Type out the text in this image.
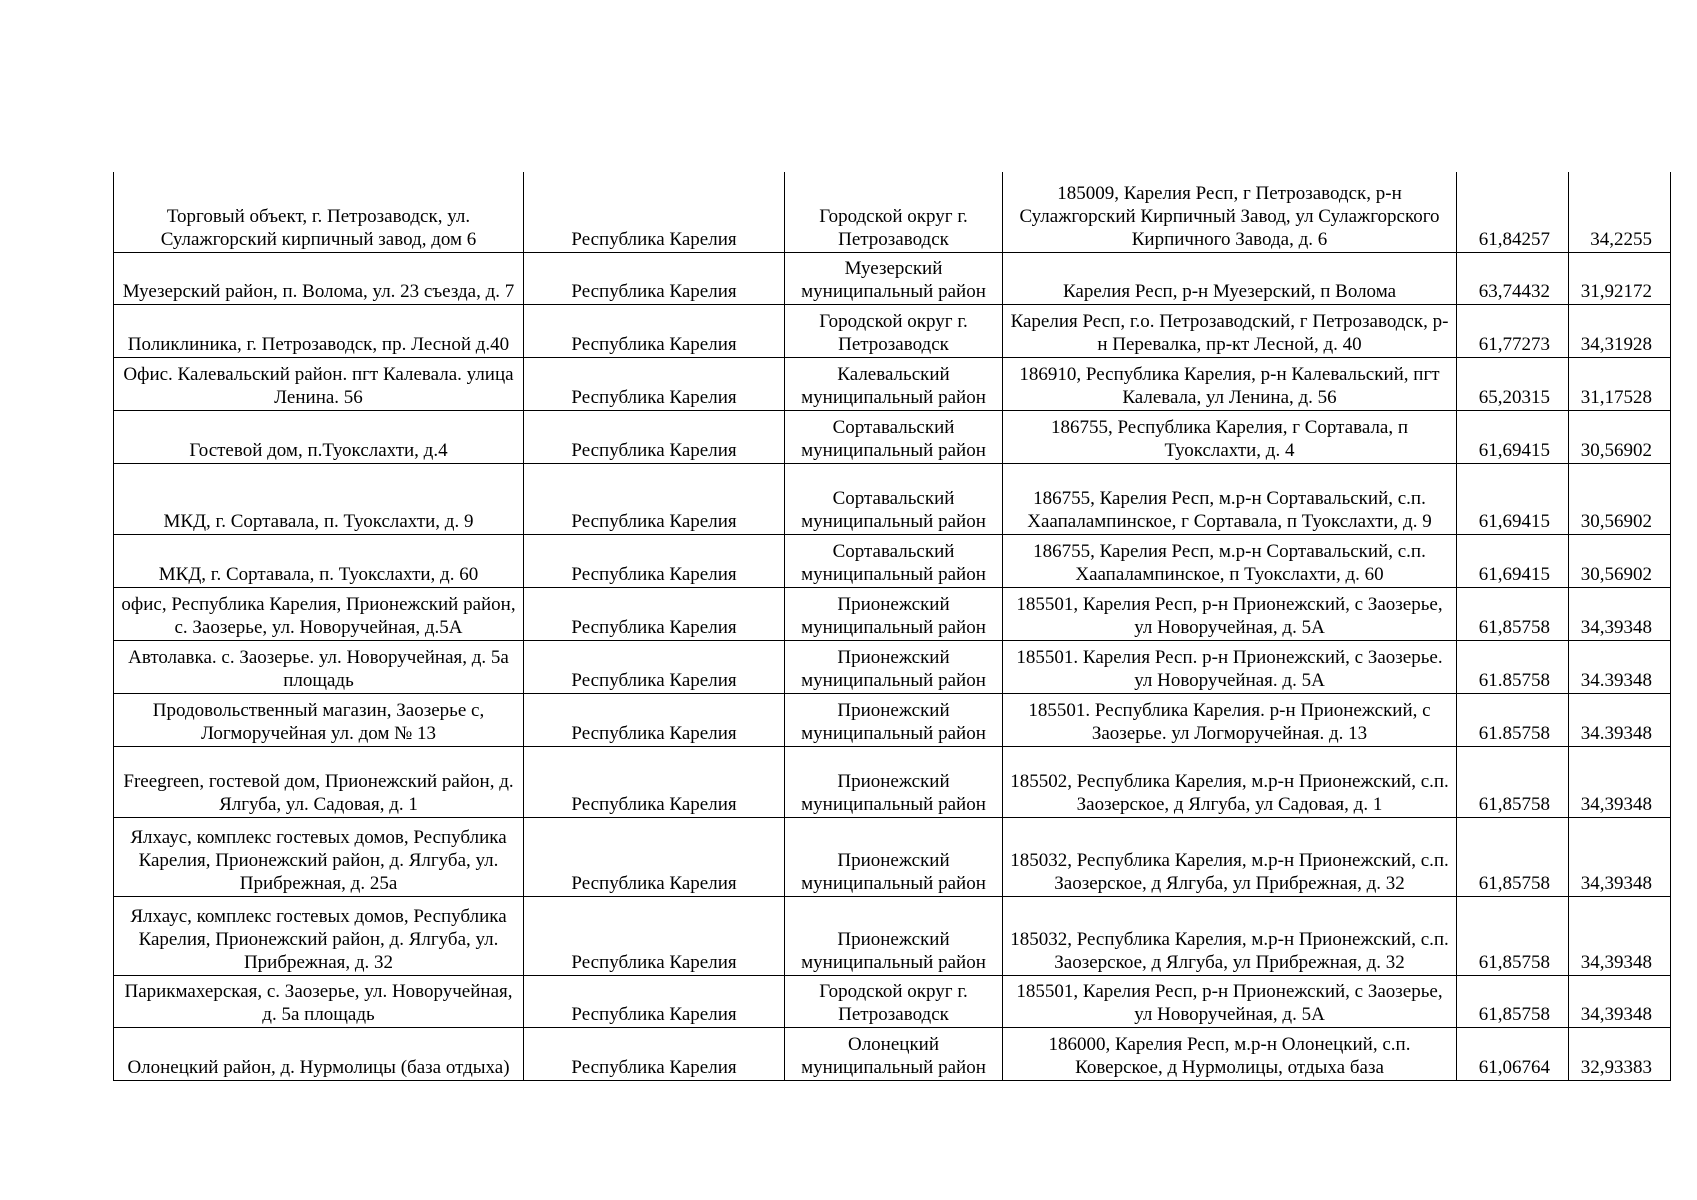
Торговый объект, г. Петрозаводск, ул. Сулажгорский кирпичный завод, дом 6	Республика Карелия	Городской округ г. Петрозаводск	185009, Карелия Респ, г Петрозаводск, р-н Сулажгорский Кирпичный Завод, ул Сулажгорского Кирпичного Завода, д. 6	61,84257	34,2255
Муезерский район, п. Волома, ул. 23 съезда, д. 7	Республика Карелия	Муезерский муниципальный район	Карелия Респ, р-н Муезерский, п Волома	63,74432	31,92172
Поликлиника, г. Петрозаводск, пр. Лесной д.40	Республика Карелия	Городской округ г. Петрозаводск	Карелия Респ, г.о. Петрозаводский, г Петрозаводск, р-н Перевалка, пр-кт Лесной, д. 40	61,77273	34,31928
Офис. Калевальский район. пгт Калевала. улица Ленина. 56	Республика Карелия	Калевальский муниципальный район	186910, Республика Карелия, р-н Калевальский, пгт Калевала, ул Ленина, д. 56	65,20315	31,17528
Гостевой дом, п.Туокслахти, д.4	Республика Карелия	Сортавальский муниципальный район	186755, Республика Карелия, г Сортавала, п Туокслахти, д. 4	61,69415	30,56902
МКД, г. Сортавала, п. Туокслахти, д. 9	Республика Карелия	Сортавальский муниципальный район	186755, Карелия Респ, м.р-н Сортавальский, с.п. Хаапалампинское, г Сортавала, п Туокслахти, д. 9	61,69415	30,56902
МКД, г. Сортавала, п. Туокслахти, д. 60	Республика Карелия	Сортавальский муниципальный район	186755, Карелия Респ, м.р-н Сортавальский, с.п. Хаапалампинское, п Туокслахти, д. 60	61,69415	30,56902
офис, Республика Карелия, Прионежский район, с. Заозерье, ул. Новоручейная, д.5А	Республика Карелия	Прионежский муниципальный район	185501, Карелия Респ, р-н Прионежский, с Заозерье, ул Новоручейная, д. 5А	61,85758	34,39348
Автолавка. с. Заозерье. ул. Новоручейная, д. 5а площадь	Республика Карелия	Прионежский муниципальный район	185501. Карелия Респ. р-н Прионежский, с Заозерье. ул Новоручейная. д. 5А	61.85758	34.39348
Продовольственный магазин, Заозерье с, Логморучейная ул. дом № 13	Республика Карелия	Прионежский муниципальный район	185501. Республика Карелия. р-н Прионежский, с Заозерье. ул Логморучейная. д. 13	61.85758	34.39348
Freegreen, гостевой дом, Прионежский район, д. Ялгуба, ул. Садовая, д. 1	Республика Карелия	Прионежский муниципальный район	185502, Республика Карелия, м.р-н Прионежский, с.п. Заозерское, д Ялгуба, ул Садовая, д. 1	61,85758	34,39348
Ялхаус, комплекс гостевых домов, Республика Карелия, Прионежский район, д. Ялгуба, ул. Прибрежная, д. 25а	Республика Карелия	Прионежский муниципальный район	185032, Республика Карелия, м.р-н Прионежский, с.п. Заозерское, д Ялгуба, ул Прибрежная, д. 32	61,85758	34,39348
Ялхаус, комплекс гостевых домов, Республика Карелия, Прионежский район, д. Ялгуба, ул. Прибрежная, д. 32	Республика Карелия	Прионежский муниципальный район	185032, Республика Карелия, м.р-н Прионежский, с.п. Заозерское, д Ялгуба, ул Прибрежная, д. 32	61,85758	34,39348
Парикмахерская, с. Заозерье, ул. Новоручейная, д. 5а площадь	Республика Карелия	Городской округ г. Петрозаводск	185501, Карелия Респ, р-н Прионежский, с Заозерье, ул Новоручейная, д. 5А	61,85758	34,39348
Олонецкий район, д. Нурмолицы (база отдыха)	Республика Карелия	Олонецкий муниципальный район	186000, Карелия Респ, м.р-н Олонецкий, с.п. Коверское, д Нурмолицы, отдыха база	61,06764	32,93383
